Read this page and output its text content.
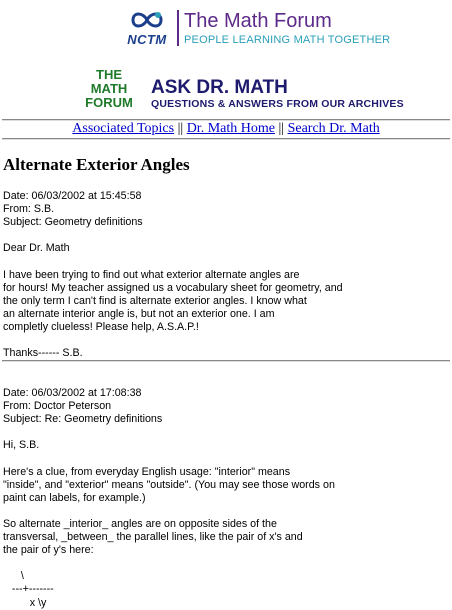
NCTM
The Math Forum
PEOPLE LEARNING MATH TOGETHER
THE
MATH
FORUM
ASK DR. MATH
QUESTIONS & ANSWERS FROM OUR ARCHIVES
Associated Topics || Dr. Math Home || Search Dr. Math
Alternate Exterior Angles
Date: 06/03/2002 at 15:45:58
From: S.B.
Subject: Geometry definitions

Dear Dr. Math

I have been trying to find out what exterior alternate angles are
for hours! My teacher assigned us a vocabulary sheet for geometry, and
the only term I can't find is alternate exterior angles. I know what
an alternate interior angle is, but not an exterior one. I am
completly clueless! Please help, A.S.A.P.!

Thanks------ S.B.
Date: 06/03/2002 at 17:08:38
From: Doctor Peterson
Subject: Re: Geometry definitions

Hi, S.B.

Here's a clue, from everyday English usage: "interior" means
"inside", and "exterior" means "outside". (You may see those words on
paint can labels, for example.)

So alternate _interior_ angles are on opposite sides of the
transversal, _between_ the parallel lines, like the pair of x's and
the pair of y's here:

\
---+-------
x \y
